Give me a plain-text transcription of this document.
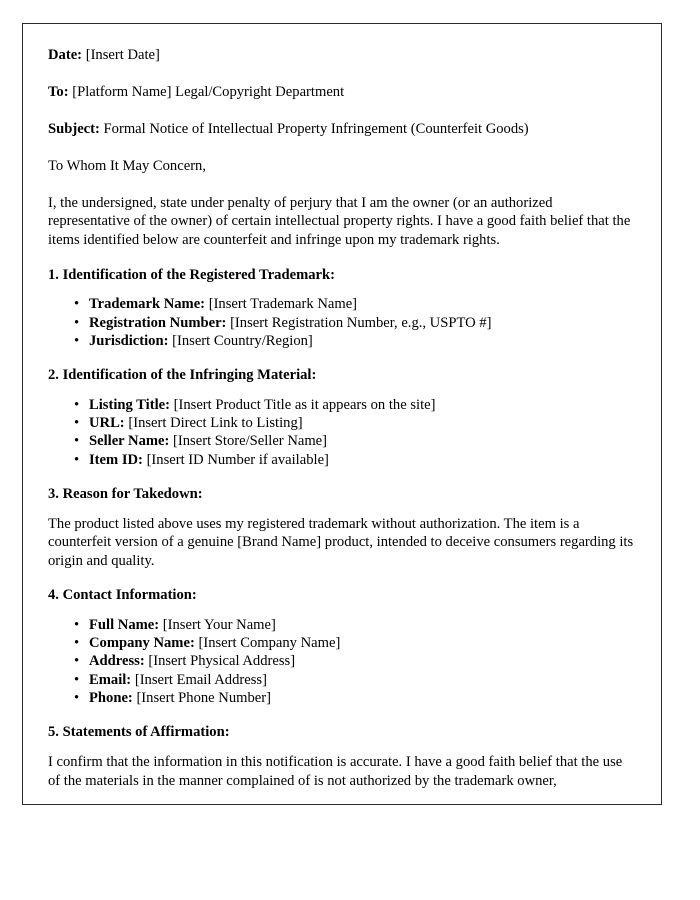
Date: [Insert Date]

To: [Platform Name] Legal/Copyright Department

Subject: Formal Notice of Intellectual Property Infringement (Counterfeit Goods)

To Whom It May Concern,

I, the undersigned, state under penalty of perjury that I am the owner (or an authorized representative of the owner) of certain intellectual property rights. I have a good faith belief that the items identified below are counterfeit and infringe upon my trademark rights.

1. Identification of the Registered Trademark:

• Trademark Name: [Insert Trademark Name]
• Registration Number: [Insert Registration Number, e.g., USPTO #]
• Jurisdiction: [Insert Country/Region]

2. Identification of the Infringing Material:

• Listing Title: [Insert Product Title as it appears on the site]
• URL: [Insert Direct Link to Listing]
• Seller Name: [Insert Store/Seller Name]
• Item ID: [Insert ID Number if available]

3. Reason for Takedown:

The product listed above uses my registered trademark without authorization. The item is a counterfeit version of a genuine [Brand Name] product, intended to deceive consumers regarding its origin and quality.

4. Contact Information:

• Full Name: [Insert Your Name]
• Company Name: [Insert Company Name]
• Address: [Insert Physical Address]
• Email: [Insert Email Address]
• Phone: [Insert Phone Number]

5. Statements of Affirmation:

I confirm that the information in this notification is accurate. I have a good faith belief that the use of the materials in the manner complained of is not authorized by the trademark owner,
